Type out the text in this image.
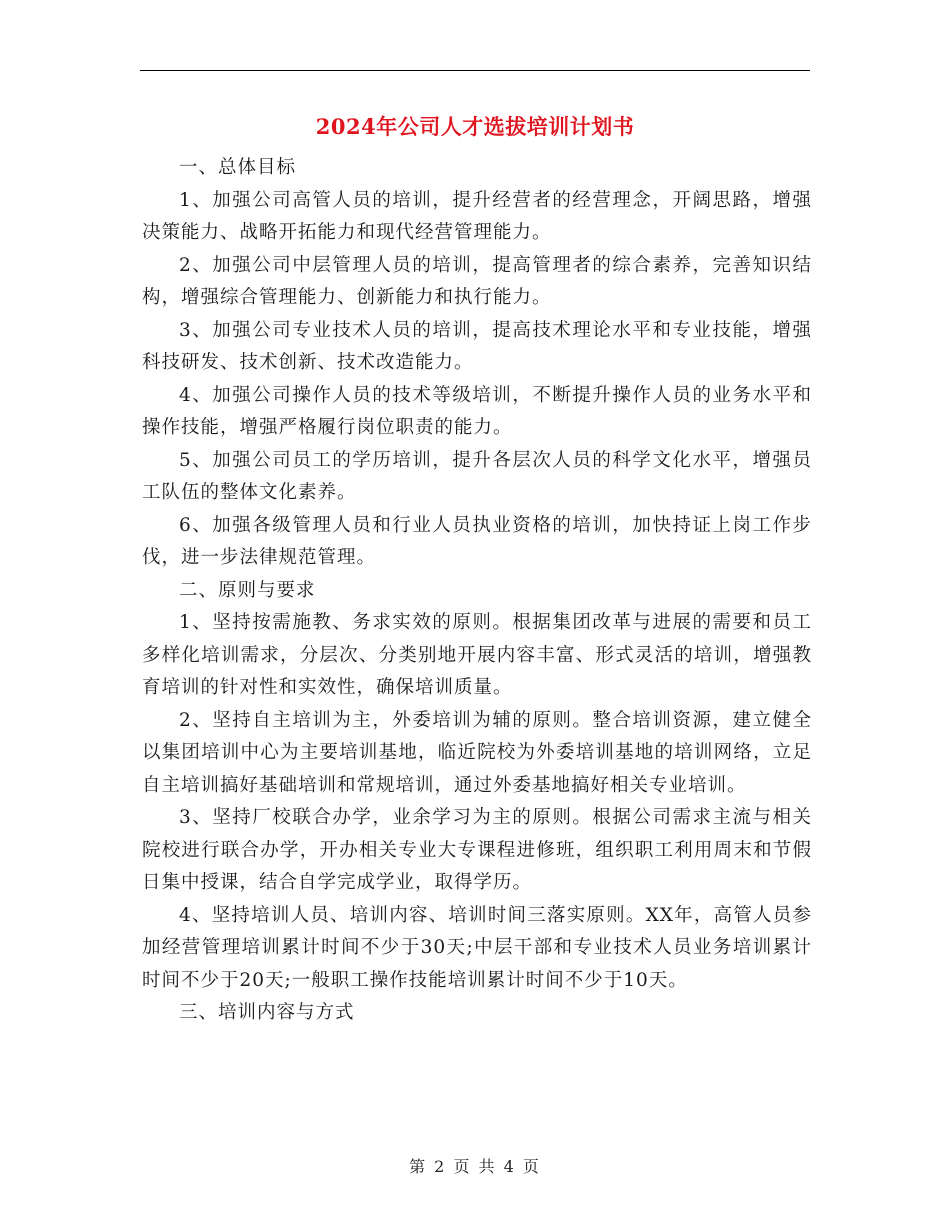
2024年公司人才选拔培训计划书

一、总体目标

1、加强公司高管人员的培训，提升经营者的经营理念，开阔思路，增强决策能力、战略开拓能力和现代经营管理能力。

2、加强公司中层管理人员的培训，提高管理者的综合素养，完善知识结构，增强综合管理能力、创新能力和执行能力。

3、加强公司专业技术人员的培训，提高技术理论水平和专业技能，增强科技研发、技术创新、技术改造能力。

4、加强公司操作人员的技术等级培训，不断提升操作人员的业务水平和操作技能，增强严格履行岗位职责的能力。

5、加强公司员工的学历培训，提升各层次人员的科学文化水平，增强员工队伍的整体文化素养。

6、加强各级管理人员和行业人员执业资格的培训，加快持证上岗工作步伐，进一步法律规范管理。

二、原则与要求

1、坚持按需施教、务求实效的原则。根据集团改革与进展的需要和员工多样化培训需求，分层次、分类别地开展内容丰富、形式灵活的培训，增强教育培训的针对性和实效性，确保培训质量。

2、坚持自主培训为主，外委培训为辅的原则。整合培训资源，建立健全以集团培训中心为主要培训基地，临近院校为外委培训基地的培训网络，立足自主培训搞好基础培训和常规培训，通过外委基地搞好相关专业培训。

3、坚持厂校联合办学，业余学习为主的原则。根据公司需求主流与相关院校进行联合办学，开办相关专业大专课程进修班，组织职工利用周末和节假日集中授课，结合自学完成学业，取得学历。

4、坚持培训人员、培训内容、培训时间三落实原则。XX年，高管人员参加经营管理培训累计时间不少于30天;中层干部和专业技术人员业务培训累计时间不少于20天;一般职工操作技能培训累计时间不少于10天。

三、培训内容与方式

第 2 页 共 4 页
